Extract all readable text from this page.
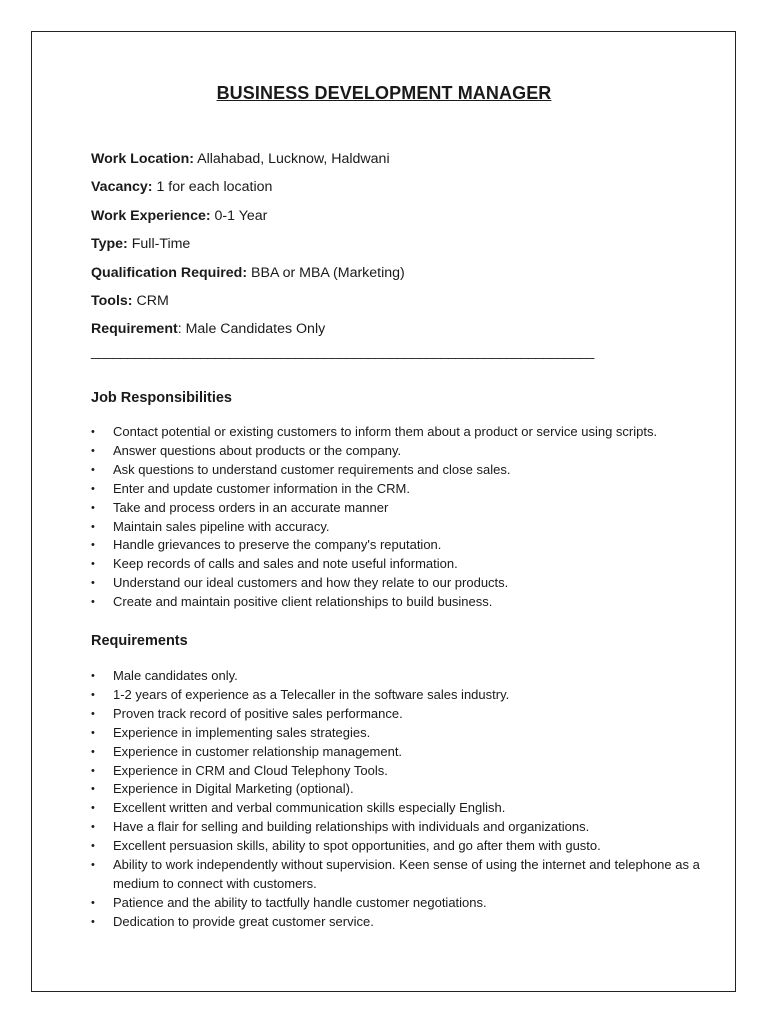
BUSINESS DEVELOPMENT MANAGER
Work Location: Allahabad, Lucknow, Haldwani
Vacancy: 1 for each location
Work Experience: 0-1 Year
Type: Full-Time
Qualification Required: BBA or MBA (Marketing)
Tools: CRM
Requirement: Male Candidates Only
_____________________________________________________________________
Job Responsibilities
• Contact potential or existing customers to inform them about a product or service using scripts.
• Answer questions about products or the company.
• Ask questions to understand customer requirements and close sales.
• Enter and update customer information in the CRM.
• Take and process orders in an accurate manner
• Maintain sales pipeline with accuracy.
• Handle grievances to preserve the company's reputation.
• Keep records of calls and sales and note useful information.
• Understand our ideal customers and how they relate to our products.
• Create and maintain positive client relationships to build business.
Requirements
• Male candidates only.
• 1-2 years of experience as a Telecaller in the software sales industry.
• Proven track record of positive sales performance.
• Experience in implementing sales strategies.
• Experience in customer relationship management.
• Experience in CRM and Cloud Telephony Tools.
• Experience in Digital Marketing (optional).
• Excellent written and verbal communication skills especially English.
• Have a flair for selling and building relationships with individuals and organizations.
• Excellent persuasion skills, ability to spot opportunities, and go after them with gusto.
• Ability to work independently without supervision. Keen sense of using the internet and telephone as a medium to connect with customers.
• Patience and the ability to tactfully handle customer negotiations.
• Dedication to provide great customer service.
